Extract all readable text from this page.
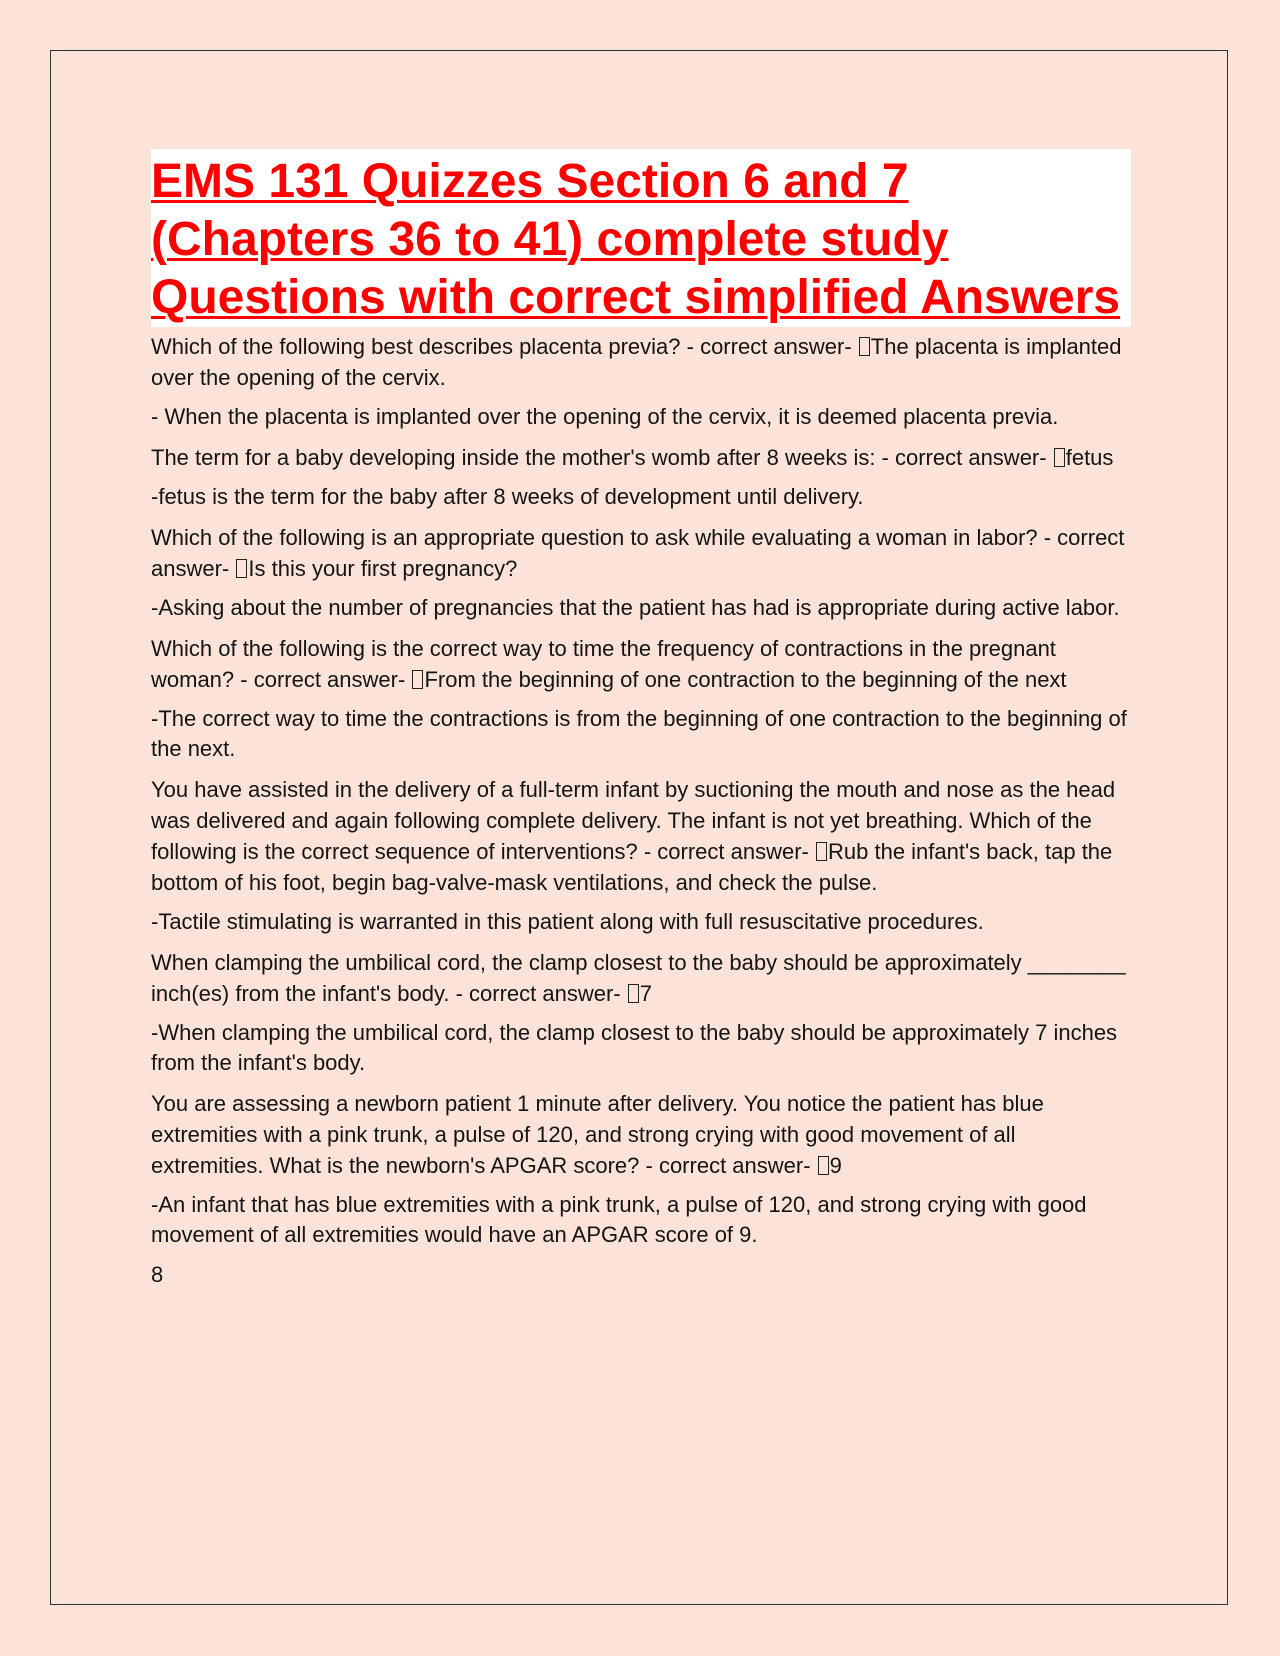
EMS 131 Quizzes Section 6 and 7 (Chapters 36 to 41) complete study Questions with correct simplified Answers

Which of the following best describes placenta previa? - correct answer- The placenta is implanted over the opening of the cervix.

- When the placenta is implanted over the opening of the cervix, it is deemed placenta previa.

The term for a baby developing inside the mother's womb after 8 weeks is: - correct answer- fetus

-fetus is the term for the baby after 8 weeks of development until delivery.

Which of the following is an appropriate question to ask while evaluating a woman in labor? - correct answer- Is this your first pregnancy?

-Asking about the number of pregnancies that the patient has had is appropriate during active labor.

Which of the following is the correct way to time the frequency of contractions in the pregnant woman? - correct answer- From the beginning of one contraction to the beginning of the next

-The correct way to time the contractions is from the beginning of one contraction to the beginning of the next.

You have assisted in the delivery of a full-term infant by suctioning the mouth and nose as the head was delivered and again following complete delivery. The infant is not yet breathing. Which of the following is the correct sequence of interventions? - correct answer- Rub the infant's back, tap the bottom of his foot, begin bag-valve-mask ventilations, and check the pulse.

-Tactile stimulating is warranted in this patient along with full resuscitative procedures.

When clamping the umbilical cord, the clamp closest to the baby should be approximately ________ inch(es) from the infant's body. - correct answer- 7

-When clamping the umbilical cord, the clamp closest to the baby should be approximately 7 inches from the infant's body.

You are assessing a newborn patient 1 minute after delivery. You notice the patient has blue extremities with a pink trunk, a pulse of 120, and strong crying with good movement of all extremities. What is the newborn's APGAR score? - correct answer- 9

-An infant that has blue extremities with a pink trunk, a pulse of 120, and strong crying with good movement of all extremities would have an APGAR score of 9.

8
